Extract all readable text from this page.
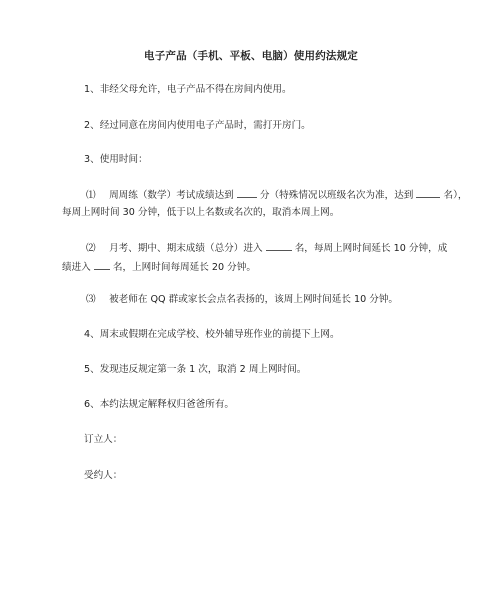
电子产品（手机、平板、电脑）使用约法规定
1、非经父母允许，电子产品不得在房间内使用。
2、经过同意在房间内使用电子产品时，需打开房门。
3、使用时间：
⑴ 周周练（数学）考试成绩达到	分（特殊情况以班级名次为准，达到	名），
每周上网时间 30 分钟，低于以上名数或名次的，取消本周上网。
⑵ 月考、期中、期末成绩（总分）进入	名，每周上网时间延长 10 分钟，成
绩进入 名，上网时间每周延长 20 分钟。
⑶ 被老师在 QQ 群或家长会点名表扬的，该周上网时间延长 10 分钟。
4、周末或假期在完成学校、校外辅导班作业的前提下上网。
5、发现违反规定第一条 1 次，取消 2 周上网时间。
6、本约法规定解释权归爸爸所有。
订立人：
受约人：
